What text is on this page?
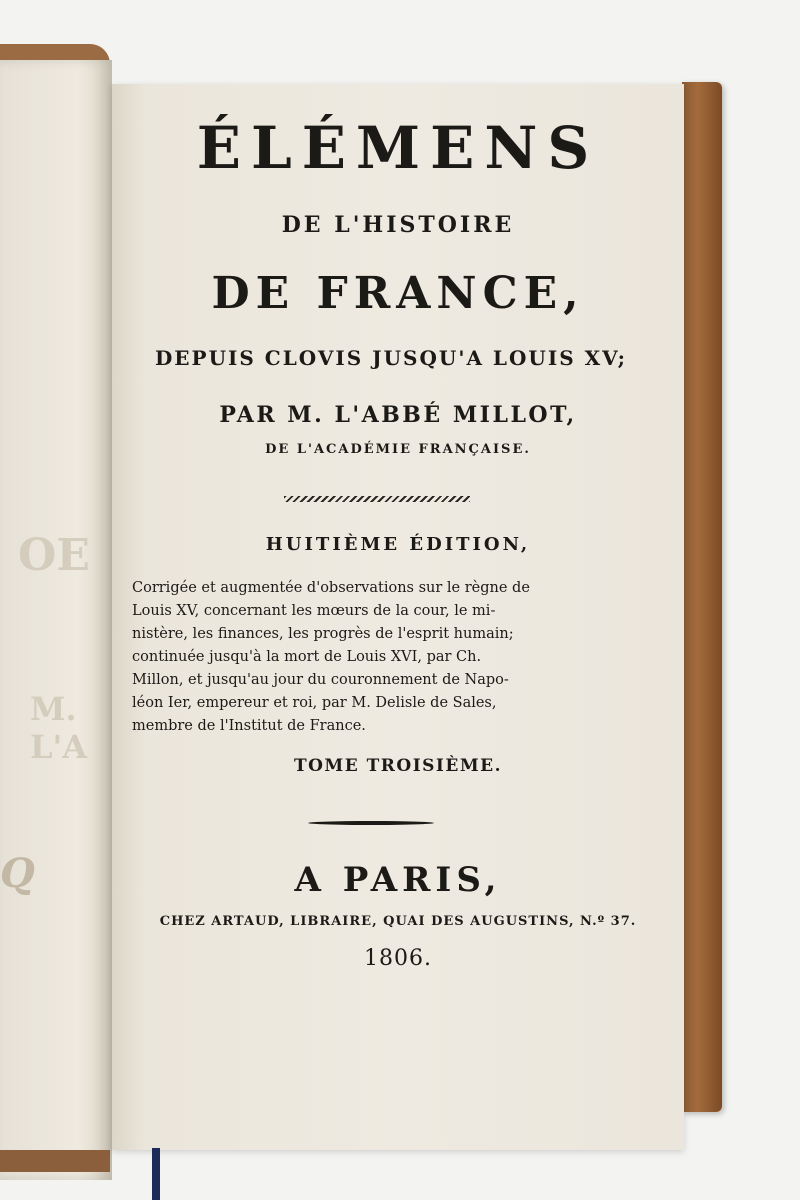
OE
M. L'A
Q
ÉLÉMENS
DE L'HISTOIRE
DE FRANCE,
DEPUIS CLOVIS JUSQU'A LOUIS XV;
PAR M. L'ABBÉ MILLOT,
DE L'ACADÉMIE FRANÇAISE.
HUITIÈME ÉDITION,
Corrigée et augmentée d'observations sur le règne de
Louis XV, concernant les mœurs de la cour, le mi-
nistère, les finances, les progrès de l'esprit humain;
continuée jusqu'à la mort de Louis XVI, par Ch.
Millon, et jusqu'au jour du couronnement de Napo-
léon Ier, empereur et roi, par M. Delisle de Sales,
membre de l'Institut de France.
TOME TROISIÈME.
A PARIS,
CHEZ ARTAUD, LIBRAIRE, QUAI DES AUGUSTINS, N.º 37.
1806.
